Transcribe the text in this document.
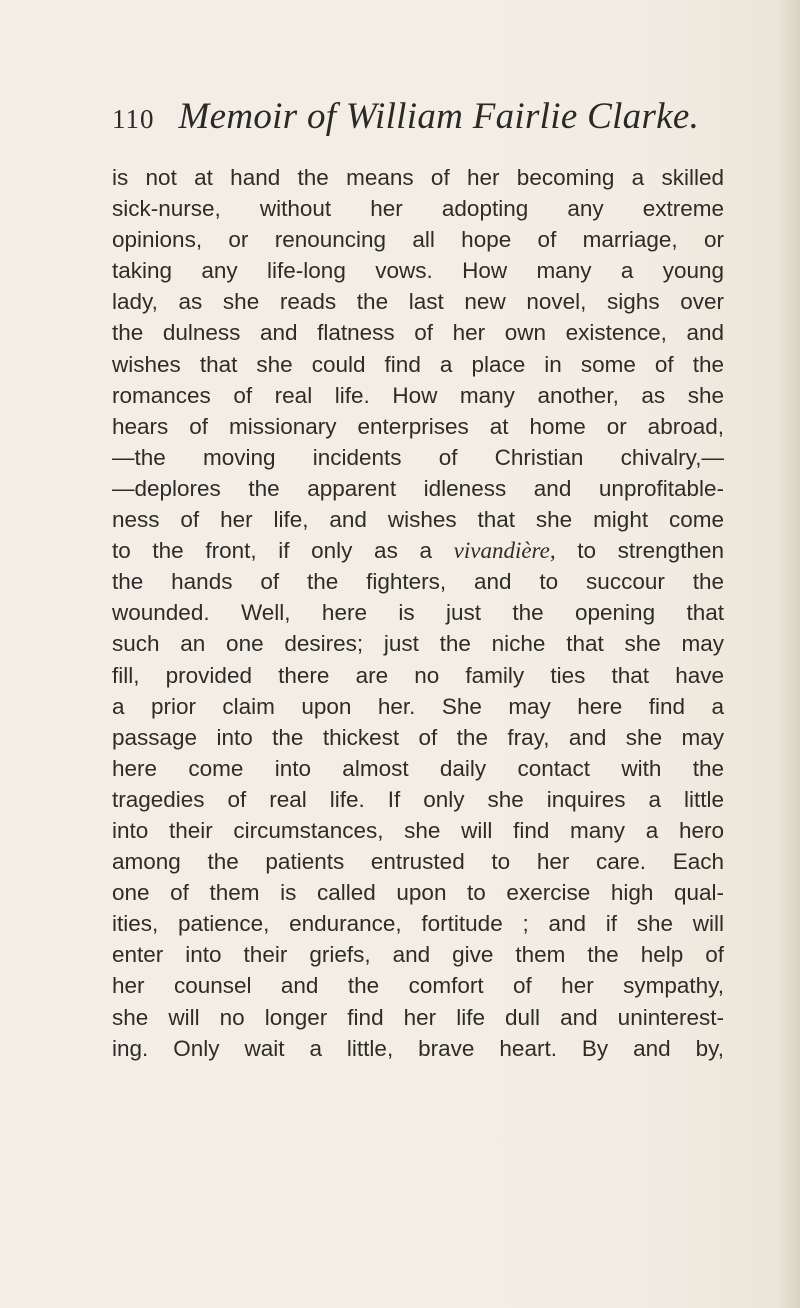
110 Memoir of William Fairlie Clarke.
is not at hand the means of her becoming a skilled
sick-nurse, without her adopting any extreme
opinions, or renouncing all hope of marriage, or
taking any life-long vows. How many a young
lady, as she reads the last new novel, sighs over
the dulness and flatness of her own existence, and
wishes that she could find a place in some of the
romances of real life. How many another, as she
hears of missionary enterprises at home or abroad,
—the moving incidents of Christian chivalry,—
—deplores the apparent idleness and unprofitable-
ness of her life, and wishes that she might come
to the front, if only as a vivandière, to strengthen
the hands of the fighters, and to succour the
wounded. Well, here is just the opening that
such an one desires; just the niche that she may
fill, provided there are no family ties that have
a prior claim upon her. She may here find a
passage into the thickest of the fray, and she may
here come into almost daily contact with the
tragedies of real life. If only she inquires a little
into their circumstances, she will find many a hero
among the patients entrusted to her care. Each
one of them is called upon to exercise high qual-
ities, patience, endurance, fortitude ; and if she will
enter into their griefs, and give them the help of
her counsel and the comfort of her sympathy,
she will no longer find her life dull and uninterest-
ing. Only wait a little, brave heart. By and by,
